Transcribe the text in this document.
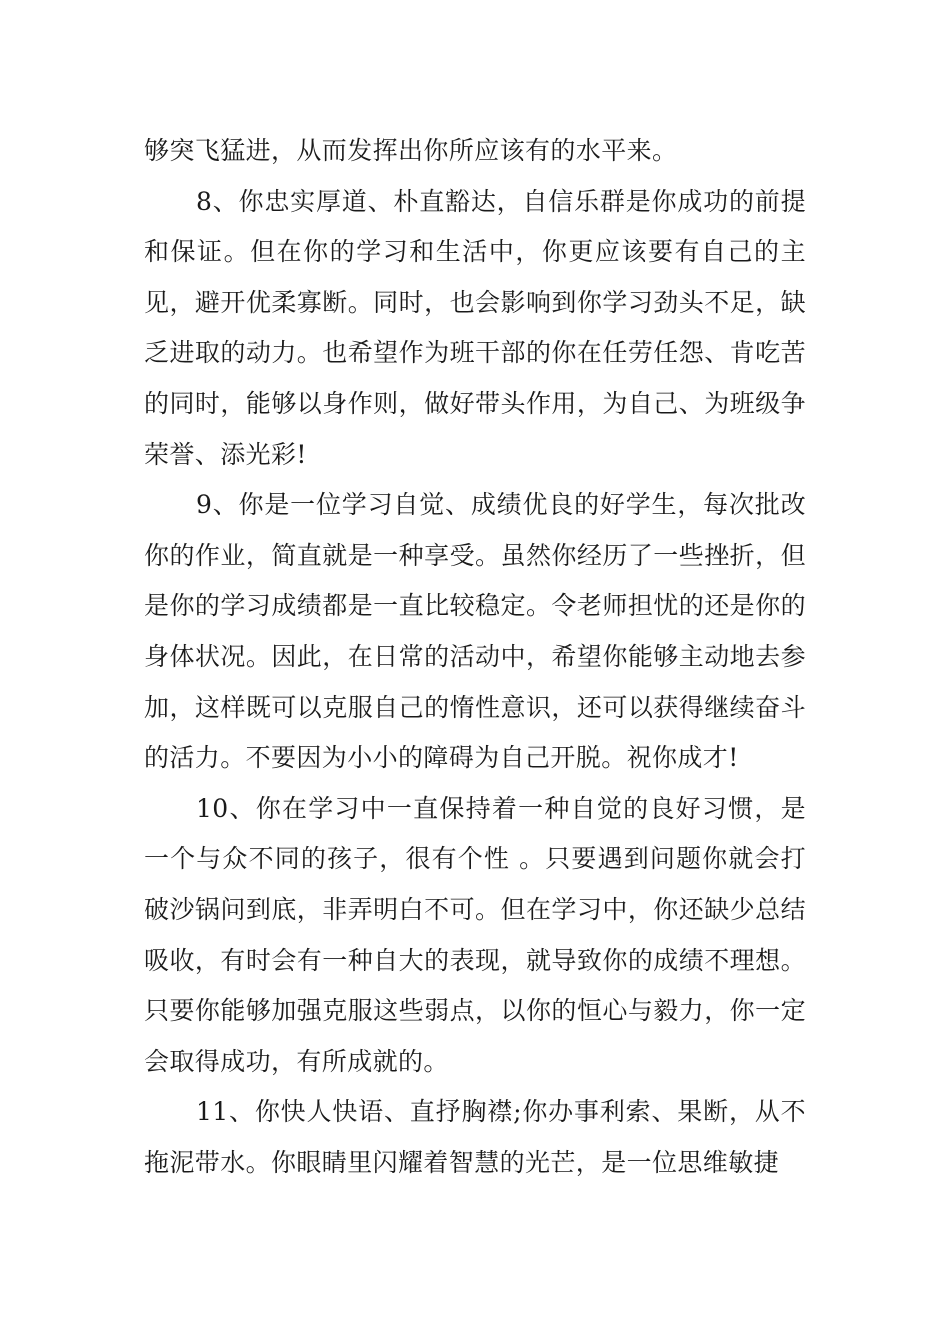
够突飞猛进，从而发挥出你所应该有的水平来。

8、你忠实厚道、朴直豁达，自信乐群是你成功的前提和保证。但在你的学习和生活中，你更应该要有自己的主见，避开优柔寡断。同时，也会影响到你学习劲头不足，缺乏进取的动力。也希望作为班干部的你在任劳任怨、肯吃苦的同时，能够以身作则，做好带头作用，为自己、为班级争荣誉、添光彩!

9、你是一位学习自觉、成绩优良的好学生，每次批改你的作业，简直就是一种享受。虽然你经历了一些挫折，但是你的学习成绩都是一直比较稳定。令老师担忧的还是你的身体状况。因此，在日常的活动中，希望你能够主动地去参加，这样既可以克服自己的惰性意识，还可以获得继续奋斗的活力。不要因为小小的障碍为自己开脱。祝你成才!

10、你在学习中一直保持着一种自觉的良好习惯，是一个与众不同的孩子，很有个性 。只要遇到问题你就会打破沙锅问到底，非弄明白不可。但在学习中，你还缺少总结吸收，有时会有一种自大的表现，就导致你的成绩不理想。只要你能够加强克服这些弱点，以你的恒心与毅力，你一定会取得成功，有所成就的。

11、你快人快语、直抒胸襟;你办事利索、果断，从不拖泥带水。你眼睛里闪耀着智慧的光芒，是一位思维敏捷
